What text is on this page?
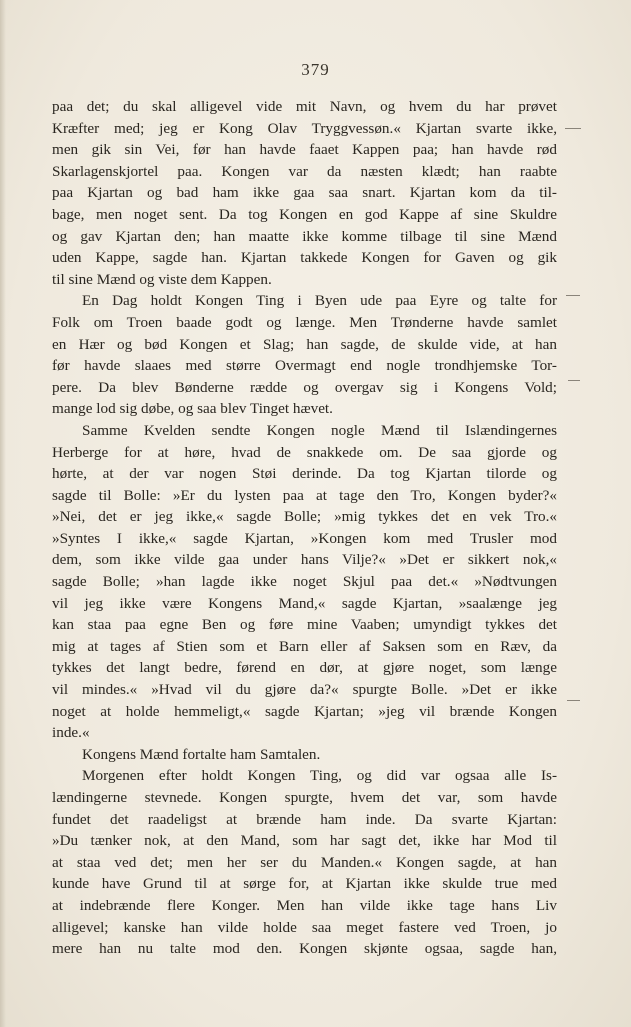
379
paa det; du skal alligevel vide mit Navn, og hvem du har prøvet
Kræfter med; jeg er Kong Olav Tryggvessøn.« Kjartan svarte ikke,
men gik sin Vei, før han havde faaet Kappen paa; han havde rød
Skarlagenskjortel paa. Kongen var da næsten klædt; han raabte
paa Kjartan og bad ham ikke gaa saa snart. Kjartan kom da til-
bage, men noget sent. Da tog Kongen en god Kappe af sine Skuldre
og gav Kjartan den; han maatte ikke komme tilbage til sine Mænd
uden Kappe, sagde han. Kjartan takkede Kongen for Gaven og gik
til sine Mænd og viste dem Kappen.
En Dag holdt Kongen Ting i Byen ude paa Eyre og talte for
Folk om Troen baade godt og længe. Men Trønderne havde samlet
en Hær og bød Kongen et Slag; han sagde, de skulde vide, at han
før havde slaaes med større Overmagt end nogle trondhjemske Tor-
pere. Da blev Bønderne rædde og overgav sig i Kongens Vold;
mange lod sig døbe, og saa blev Tinget hævet.
Samme Kvelden sendte Kongen nogle Mænd til Islændingernes
Herberge for at høre, hvad de snakkede om. De saa gjorde og
hørte, at der var nogen Støi derinde. Da tog Kjartan tilorde og
sagde til Bolle: »Er du lysten paa at tage den Tro, Kongen byder?«
»Nei, det er jeg ikke,« sagde Bolle; »mig tykkes det en vek Tro.«
»Syntes I ikke,« sagde Kjartan, »Kongen kom med Trusler mod
dem, som ikke vilde gaa under hans Vilje?« »Det er sikkert nok,«
sagde Bolle; »han lagde ikke noget Skjul paa det.« »Nødtvungen
vil jeg ikke være Kongens Mand,« sagde Kjartan, »saalænge jeg
kan staa paa egne Ben og føre mine Vaaben; umyndigt tykkes det
mig at tages af Stien som et Barn eller af Saksen som en Ræv, da
tykkes det langt bedre, førend en dør, at gjøre noget, som længe
vil mindes.« »Hvad vil du gjøre da?« spurgte Bolle. »Det er ikke
noget at holde hemmeligt,« sagde Kjartan; »jeg vil brænde Kongen
inde.«
Kongens Mænd fortalte ham Samtalen.
Morgenen efter holdt Kongen Ting, og did var ogsaa alle Is-
lændingerne stevnede. Kongen spurgte, hvem det var, som havde
fundet det raadeligst at brænde ham inde. Da svarte Kjartan:
»Du tænker nok, at den Mand, som har sagt det, ikke har Mod til
at staa ved det; men her ser du Manden.« Kongen sagde, at han
kunde have Grund til at sørge for, at Kjartan ikke skulde true med
at indebrænde flere Konger. Men han vilde ikke tage hans Liv
alligevel; kanske han vilde holde saa meget fastere ved Troen, jo
mere han nu talte mod den. Kongen skjønte ogsaa, sagde han,
